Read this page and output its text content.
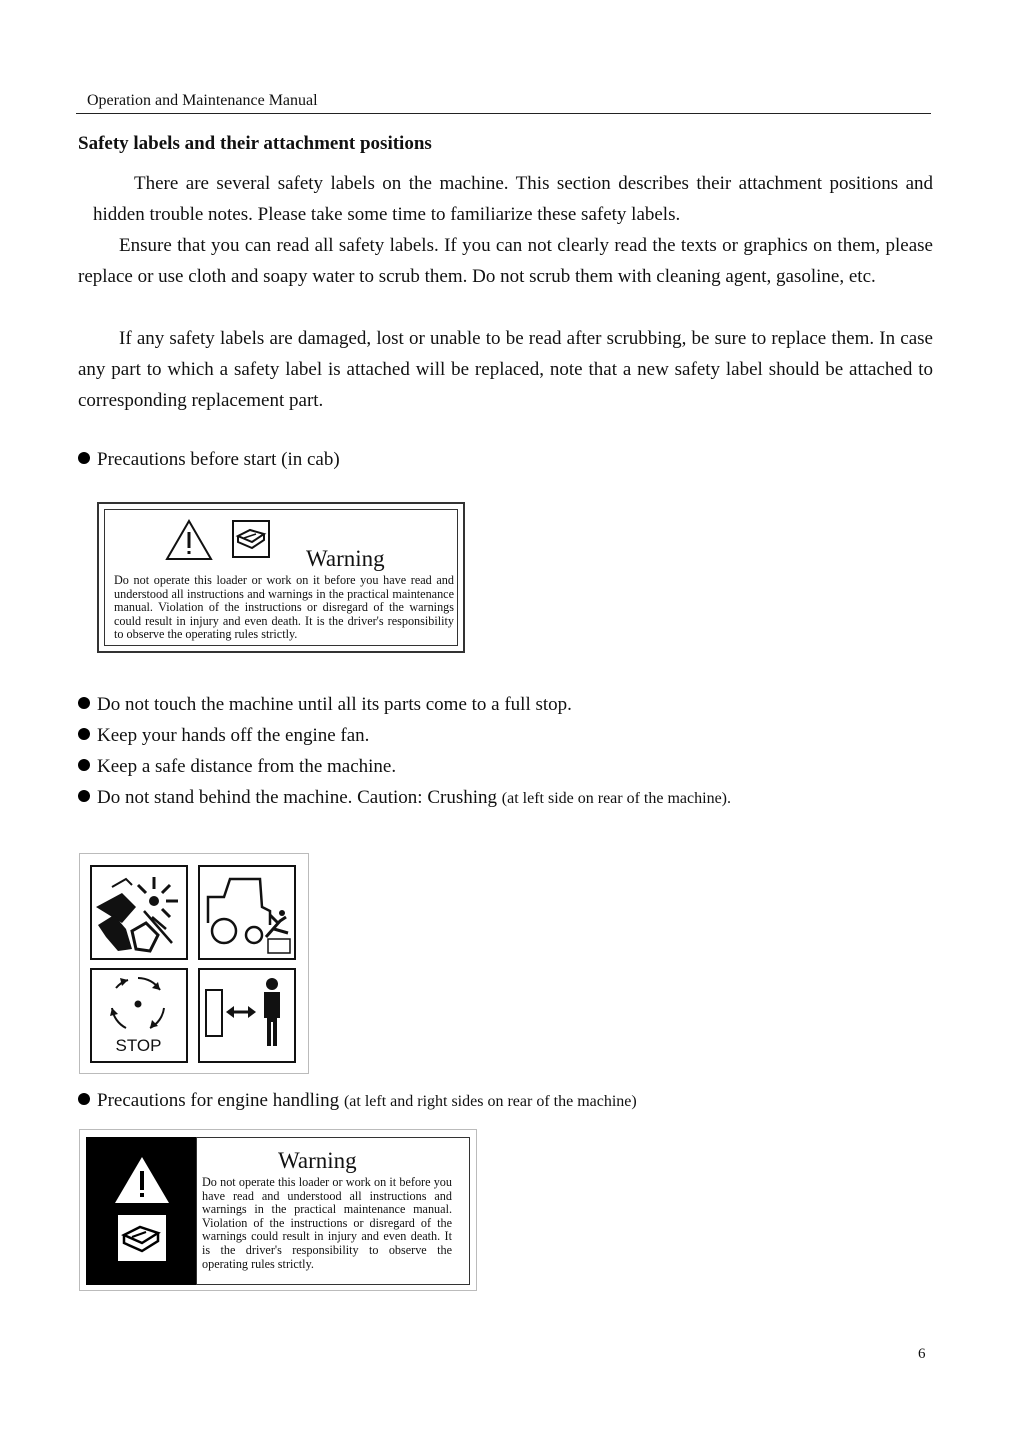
Operation and Maintenance Manual
Safety labels and their attachment positions
There are several safety labels on the machine. This section describes their attachment positions and hidden trouble notes. Please take some time to familiarize these safety labels.
Ensure that you can read all safety labels. If you can not clearly read the texts or graphics on them, please replace or use cloth and soapy water to scrub them. Do not scrub them with cleaning agent, gasoline, etc.
If any safety labels are damaged, lost or unable to be read after scrubbing, be sure to replace them. In case any part to which a safety label is attached will be replaced, note that a new safety label should be attached to corresponding replacement part.
Precautions before start (in cab)
Warning
Do not operate this loader or work on it before you have read and understood all instructions and warnings in the practical maintenance manual. Violation of the instructions or disregard of the warnings could result in injury and even death. It is the driver's responsibility to observe the operating rules strictly.
Do not touch the machine until all its parts come to a full stop.
Keep your hands off the engine fan.
Keep a safe distance from the machine.
Do not stand behind the machine. Caution: Crushing (at left side on rear of the machine).
STOP
Precautions for engine handling (at left and right sides on rear of the machine)
Warning
Do not operate this loader or work on it before you have read and understood all instructions and warnings in the practical maintenance manual. Violation of the instructions or disregard of the warnings could result in injury and even death. It is the driver's responsibility to observe the operating rules strictly.
6
